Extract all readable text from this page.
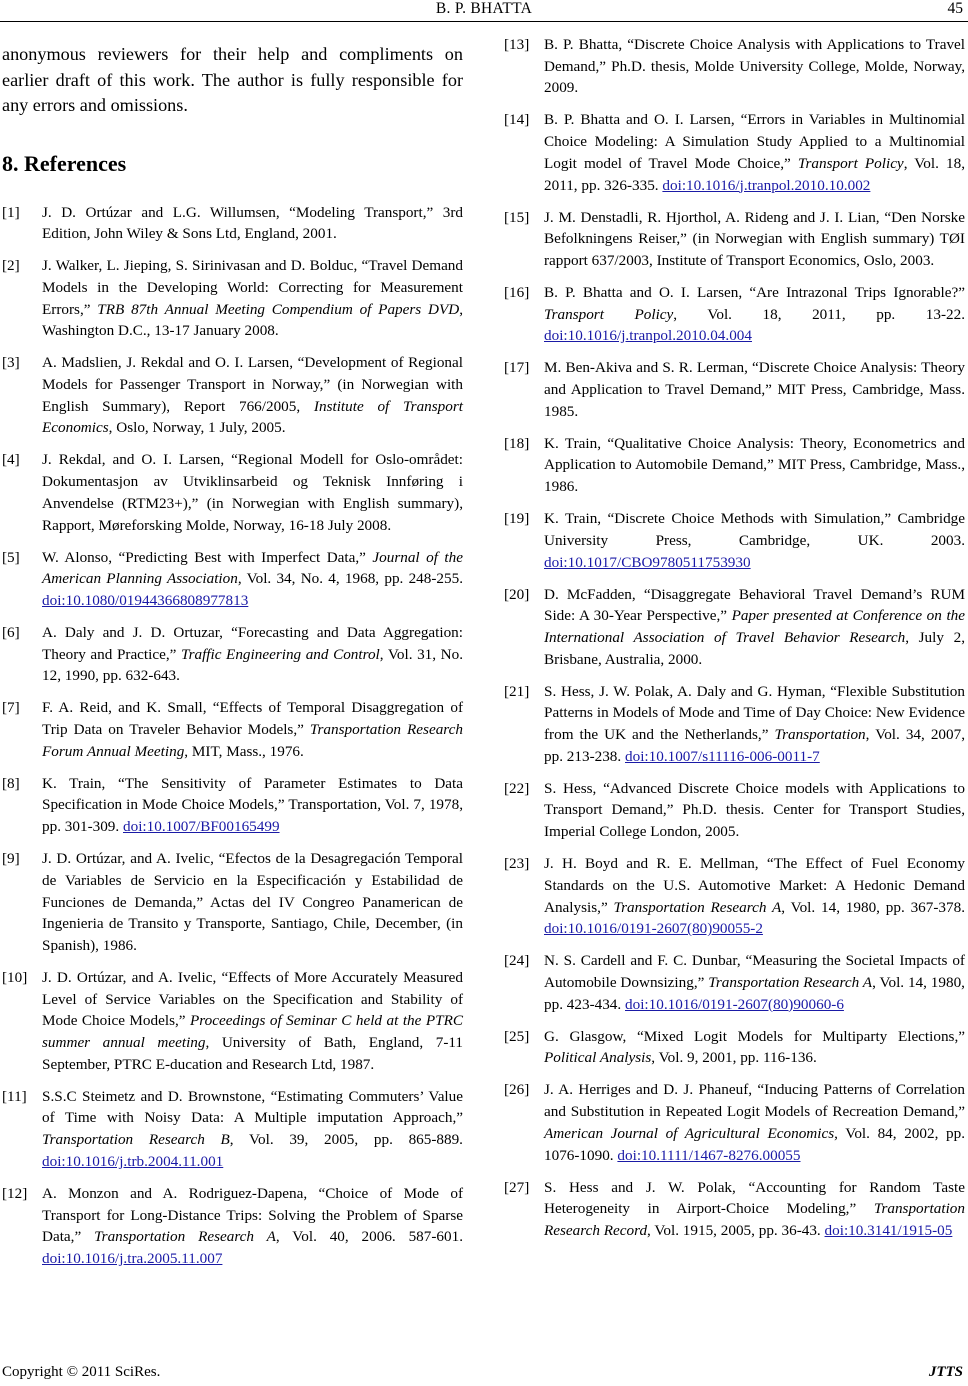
B. P. BHATTA	45

anonymous reviewers for their help and compliments on earlier draft of this work. The author is fully responsible for any errors and omissions.

8. References
[1] J. D. Ortúzar and L.G. Willumsen, “Modeling Transport,” 3rd Edition, John Wiley & Sons Ltd, England, 2001.
[2] J. Walker, L. Jieping, S. Sirinivasan and D. Bolduc, “Travel Demand Models in the Developing World: Correcting for Measurement Errors,” TRB 87th Annual Meeting Compendium of Papers DVD, Washington D.C., 13-17 January 2008.
[3] A. Madslien, J. Rekdal and O. I. Larsen, “Development of Regional Models for Passenger Transport in Norway,” (in Norwegian with English Summary), Report 766/2005, Institute of Transport Economics, Oslo, Norway, 1 July, 2005.
[4] J. Rekdal, and O. I. Larsen, “Regional Modell for Oslo-området: Dokumentasjon av Utviklinsarbeid og Teknisk Innføring i Anvendelse (RTM23+),” (in Norwegian with English summary), Rapport, Møreforsking Molde, Norway, 16-18 July 2008.
[5] W. Alonso, “Predicting Best with Imperfect Data,” Journal of the American Planning Association, Vol. 34, No. 4, 1968, pp. 248-255. doi:10.1080/01944366808977813
[6] A. Daly and J. D. Ortuzar, “Forecasting and Data Aggregation: Theory and Practice,” Traffic Engineering and Control, Vol. 31, No. 12, 1990, pp. 632-643.
[7] F. A. Reid, and K. Small, “Effects of Temporal Disaggregation of Trip Data on Traveler Behavior Models,” Transportation Research Forum Annual Meeting, MIT, Mass., 1976.
[8] K. Train, “The Sensitivity of Parameter Estimates to Data Specification in Mode Choice Models,” Transportation, Vol. 7, 1978, pp. 301-309. doi:10.1007/BF00165499
[9] J. D. Ortúzar, and A. Ivelic, “Efectos de la Desagregación Temporal de Variables de Servicio en la Especificación y Estabilidad de Funciones de Demanda,” Actas del IV Congreo Panamerican de Ingenieria de Transito y Transporte, Santiago, Chile, December, (in Spanish), 1986.
[10] J. D. Ortúzar, and A. Ivelic, “Effects of More Accurately Measured Level of Service Variables on the Specification and Stability of Mode Choice Models,” Proceedings of Seminar C held at the PTRC summer annual meeting, University of Bath, England, 7-11 September, PTRC E-ducation and Research Ltd, 1987.
[11] S.S.C Steimetz and D. Brownstone, “Estimating Commuters’ Value of Time with Noisy Data: A Multiple imputation Approach,” Transportation Research B, Vol. 39, 2005, pp. 865-889. doi:10.1016/j.trb.2004.11.001
[12] A. Monzon and A. Rodriguez-Dapena, “Choice of Mode of Transport for Long-Distance Trips: Solving the Problem of Sparse Data,” Transportation Research A, Vol. 40, 2006. 587-601. doi:10.1016/j.tra.2005.11.007
[13] B. P. Bhatta, “Discrete Choice Analysis with Applications to Travel Demand,” Ph.D. thesis, Molde University College, Molde, Norway, 2009.
[14] B. P. Bhatta and O. I. Larsen, “Errors in Variables in Multinomial Choice Modeling: A Simulation Study Applied to a Multinomial Logit model of Travel Mode Choice,” Transport Policy, Vol. 18, 2011, pp. 326-335. doi:10.1016/j.tranpol.2010.10.002
[15] J. M. Denstadli, R. Hjorthol, A. Rideng and J. I. Lian, “Den Norske Befolkningens Reiser,” (in Norwegian with English summary) TØI rapport 637/2003, Institute of Transport Economics, Oslo, 2003.
[16] B. P. Bhatta and O. I. Larsen, “Are Intrazonal Trips Ignorable?” Transport Policy, Vol. 18, 2011, pp. 13-22. doi:10.1016/j.tranpol.2010.04.004
[17] M. Ben-Akiva and S. R. Lerman, “Discrete Choice Analysis: Theory and Application to Travel Demand,” MIT Press, Cambridge, Mass. 1985.
[18] K. Train, “Qualitative Choice Analysis: Theory, Econometrics and Application to Automobile Demand,” MIT Press, Cambridge, Mass., 1986.
[19] K. Train, “Discrete Choice Methods with Simulation,” Cambridge University Press, Cambridge, UK. 2003. doi:10.1017/CBO9780511753930
[20] D. McFadden, “Disaggregate Behavioral Travel Demand’s RUM Side: A 30-Year Perspective,” Paper presented at Conference on the International Association of Travel Behavior Research, July 2, Brisbane, Australia, 2000.
[21] S. Hess, J. W. Polak, A. Daly and G. Hyman, “Flexible Substitution Patterns in Models of Mode and Time of Day Choice: New Evidence from the UK and the Netherlands,” Transportation, Vol. 34, 2007, pp. 213-238. doi:10.1007/s11116-006-0011-7
[22] S. Hess, “Advanced Discrete Choice models with Applications to Transport Demand,” Ph.D. thesis. Center for Transport Studies, Imperial College London, 2005.
[23] J. H. Boyd and R. E. Mellman, “The Effect of Fuel Economy Standards on the U.S. Automotive Market: A Hedonic Demand Analysis,” Transportation Research A, Vol. 14, 1980, pp. 367-378. doi:10.1016/0191-2607(80)90055-2
[24] N. S. Cardell and F. C. Dunbar, “Measuring the Societal Impacts of Automobile Downsizing,” Transportation Research A, Vol. 14, 1980, pp. 423-434. doi:10.1016/0191-2607(80)90060-6
[25] G. Glasgow, “Mixed Logit Models for Multiparty Elections,” Political Analysis, Vol. 9, 2001, pp. 116-136.
[26] J. A. Herriges and D. J. Phaneuf, “Inducing Patterns of Correlation and Substitution in Repeated Logit Models of Recreation Demand,” American Journal of Agricultural Economics, Vol. 84, 2002, pp. 1076-1090. doi:10.1111/1467-8276.00055
[27] S. Hess and J. W. Polak, “Accounting for Random Taste Heterogeneity in Airport-Choice Modeling,” Transportation Research Record, Vol. 1915, 2005, pp. 36-43. doi:10.3141/1915-05
Copyright © 2011 SciRes.	JTTS
